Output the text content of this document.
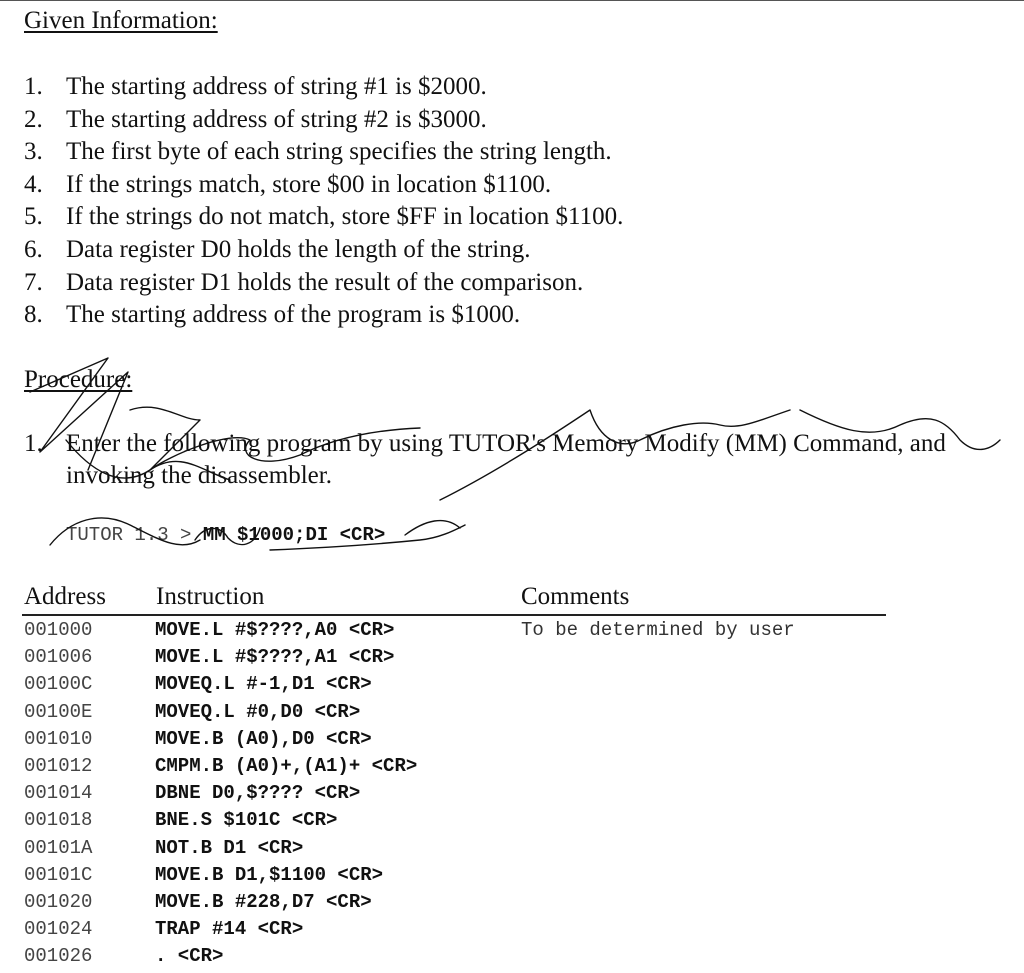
Given Information:
1. The starting address of string #1 is $2000.
2. The starting address of string #2 is $3000.
3. The first byte of each string specifies the string length.
4. If the strings match, store $00 in location $1100.
5. If the strings do not match, store $FF in location $1100.
6. Data register D0 holds the length of the string.
7. Data register D1 holds the result of the comparison.
8. The starting address of the program is $1000.
Procedure:
1. Enter the following program by using TUTOR's Memory Modify (MM) Command, and invoking the disassembler.
TUTOR 1.3 > MM $1000;DI <CR>
Address Instruction	Comments
001000	MOVE.L #$????,A0 <CR>	To be determined by user
001006	MOVE.L #$????,A1 <CR>
00100C	MOVEQ.L #-1,D1 <CR>
00100E	MOVEQ.L #0,D0 <CR>
001010	MOVE.B (A0),D0 <CR>
001012	CMPM.B (A0)+,(A1)+ <CR>
001014	DBNE D0,$???? <CR>
001018	BNE.S $101C <CR>
00101A	NOT.B D1 <CR>
00101C	MOVE.B D1,$1100 <CR>
001020	MOVE.B #228,D7 <CR>
001024	TRAP #14 <CR>
001026	. <CR>
